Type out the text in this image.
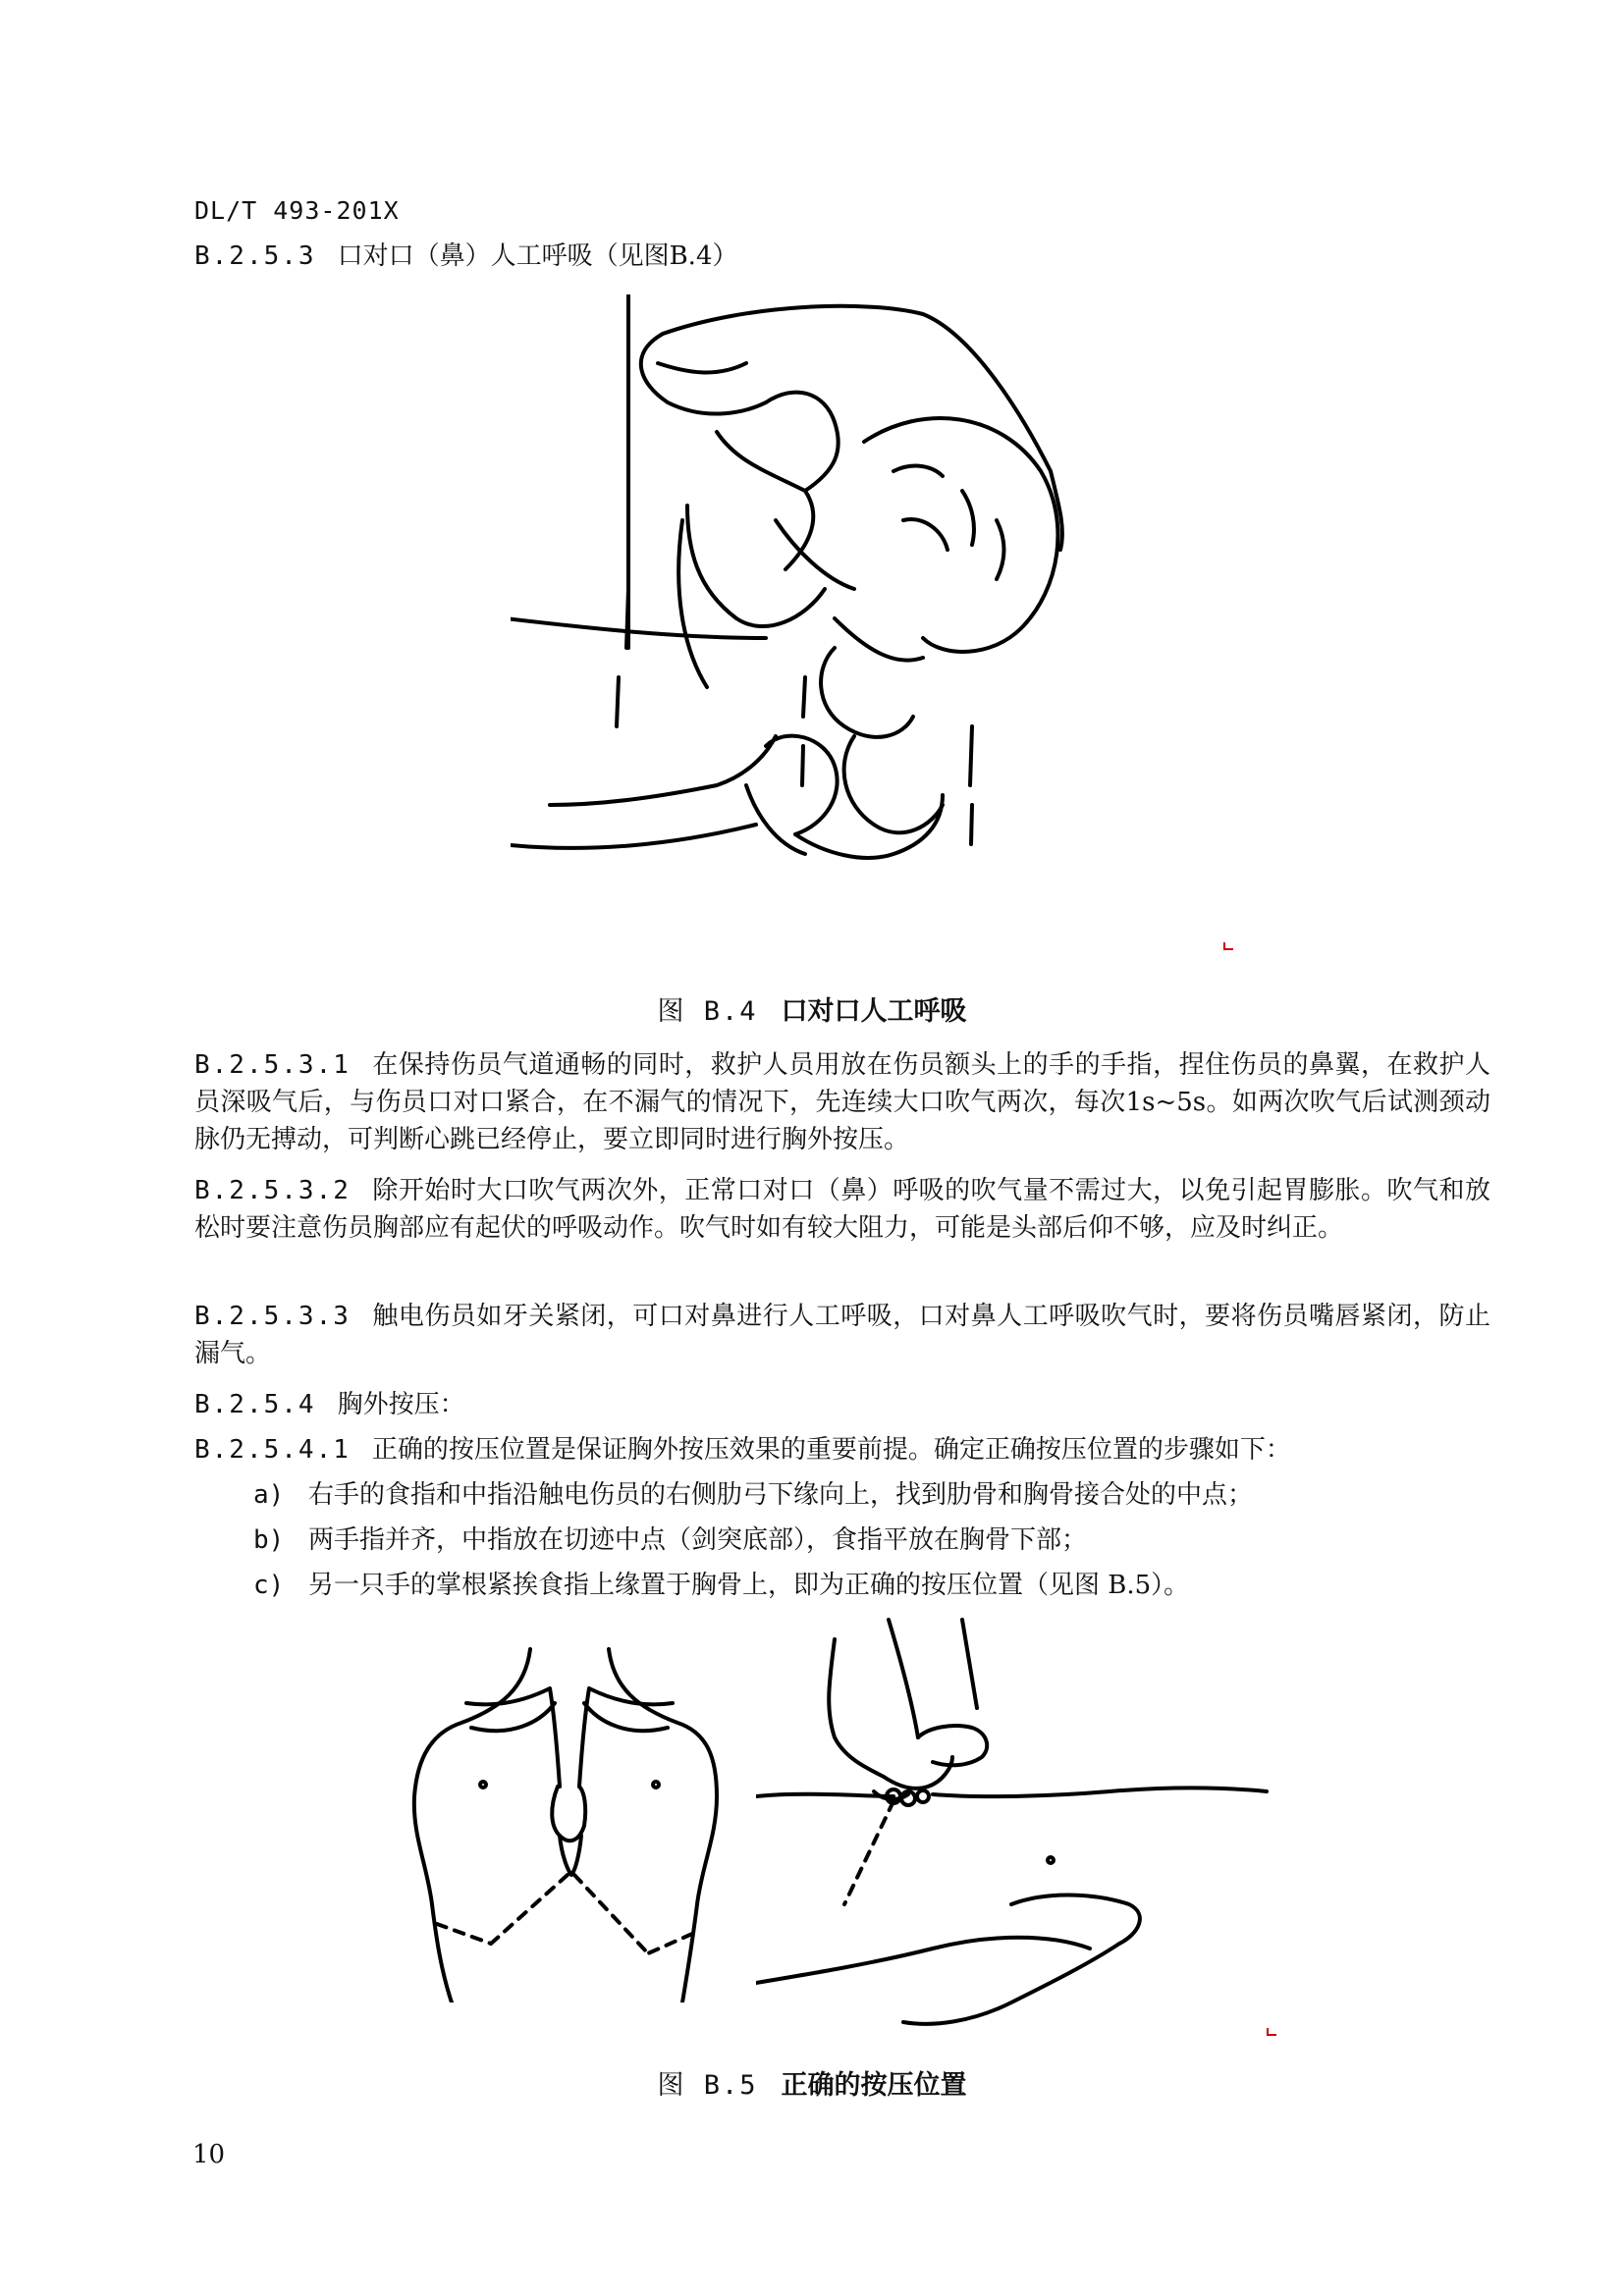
DL/T 493-201X
B.2.5.3 口对口（鼻）人工呼吸（见图B.4）
图 B.4 口对口人工呼吸
B.2.5.3.1 在保持伤员气道通畅的同时，救护人员用放在伤员额头上的手的手指，捏住伤员的鼻翼，在救护人员深吸气后，与伤员口对口紧合，在不漏气的情况下，先连续大口吹气两次，每次1s~5s。如两次吹气后试测颈动脉仍无搏动，可判断心跳已经停止，要立即同时进行胸外按压。
B.2.5.3.2 除开始时大口吹气两次外，正常口对口（鼻）呼吸的吹气量不需过大，以免引起胃膨胀。吹气和放松时要注意伤员胸部应有起伏的呼吸动作。吹气时如有较大阻力，可能是头部后仰不够，应及时纠正。
B.2.5.3.3 触电伤员如牙关紧闭，可口对鼻进行人工呼吸，口对鼻人工呼吸吹气时，要将伤员嘴唇紧闭，防止漏气。
B.2.5.4 胸外按压：
B.2.5.4.1 正确的按压位置是保证胸外按压效果的重要前提。确定正确按压位置的步骤如下：
a) 右手的食指和中指沿触电伤员的右侧肋弓下缘向上，找到肋骨和胸骨接合处的中点；
b) 两手指并齐，中指放在切迹中点（剑突底部），食指平放在胸骨下部；
c) 另一只手的掌根紧挨食指上缘置于胸骨上，即为正确的按压位置（见图 B.5）。
图 B.5 正确的按压位置
10
